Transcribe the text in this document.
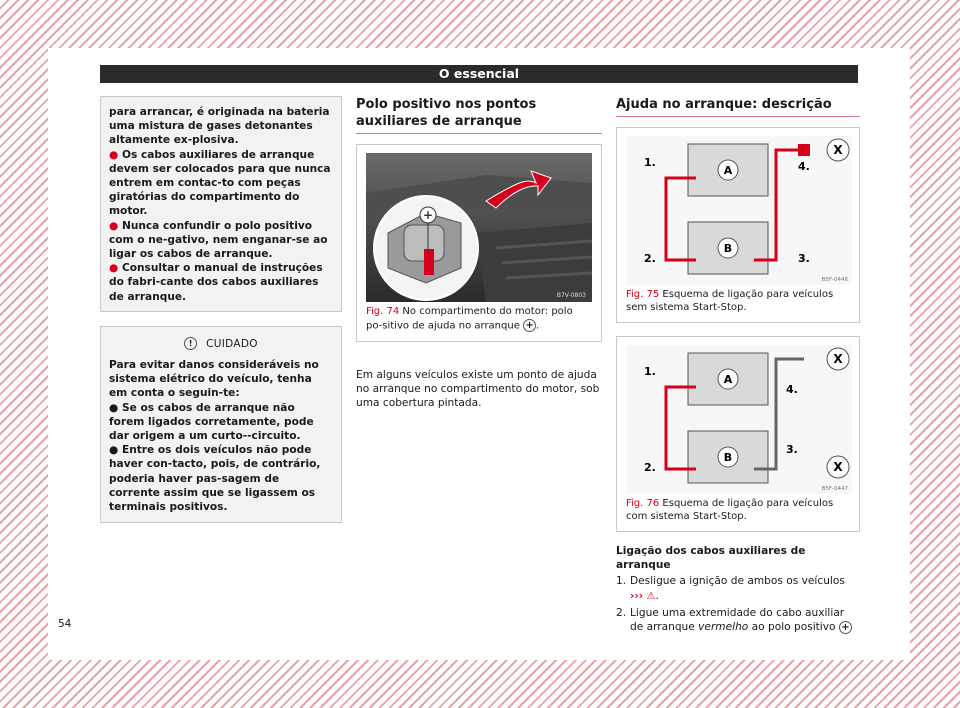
O essencial
para arrancar, é originada na bateria uma mistura de gases detonantes altamente ex-plosiva.
● Os cabos auxiliares de arranque devem ser colocados para que nunca entrem em contac-to com peças giratórias do compartimento do motor.
● Nunca confundir o polo positivo com o ne-gativo, nem enganar-se ao ligar os cabos de arranque.
● Consultar o manual de instruções do fabri-cante dos cabos auxiliares de arranque.
!	CUIDADO
Para evitar danos consideráveis no sistema elétrico do veículo, tenha em conta o seguin-te:
● Se os cabos de arranque não forem ligados corretamente, pode dar origem a um curto--circuito.
● Entre os dois veículos não pode haver con-tacto, pois, de contrário, poderia haver pas-sagem de corrente assim que se ligassem os terminais positivos.
Polo positivo nos pontos auxiliares de arranque
+
B7V-0803
Fig. 74 No compartimento do motor: polo po-sitivo de ajuda no arranque + .
Em alguns veículos existe um ponto de ajuda no arranque no compartimento do motor, sob uma cobertura pintada.
Ajuda no arranque: descrição
A
B
X
1.
2.	3.
4.
B5F-0446
Fig. 75 Esquema de ligação para veículos sem sistema Start-Stop.
A
B
X
X
1.
2.
3.
4.
B5F-0447
Fig. 76 Esquema de ligação para veículos com sistema Start-Stop.
Ligação dos cabos auxiliares de arranque
1. Desligue a ignição de ambos os veículos
››› ⚠.
2. Ligue uma extremidade do cabo auxiliar de arranque vermelho ao polo positivo +
54
